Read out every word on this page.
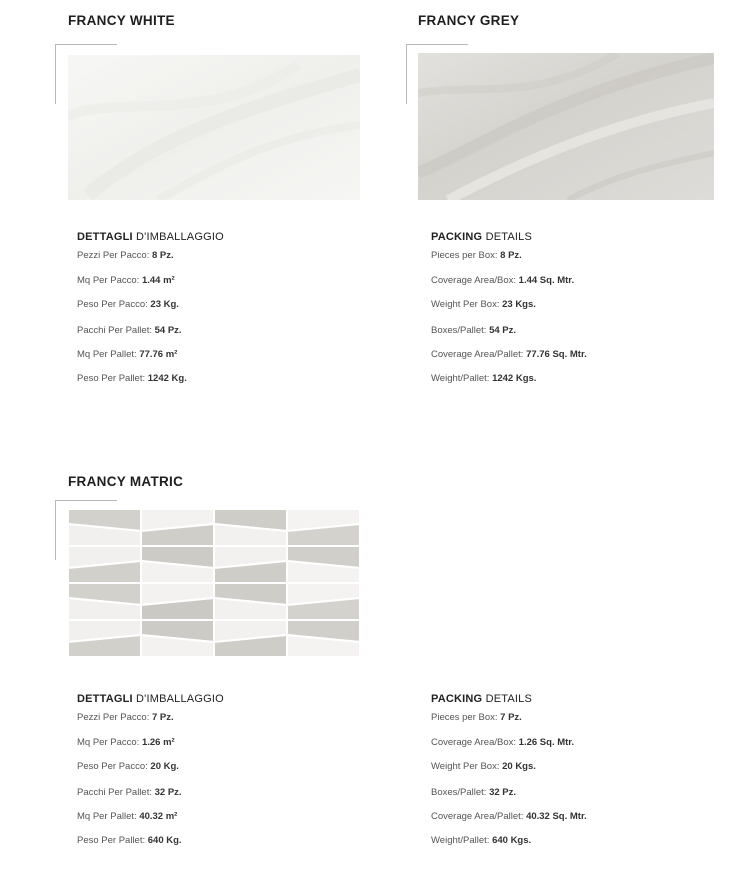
FRANCY WHITE
DETTAGLI D'IMBALLAGGIO
Pezzi Per Pacco: 8 Pz.
Mq Per Pacco: 1.44 m²
Peso Per Pacco: 23 Kg.
Pacchi Per Pallet: 54 Pz.
Mq Per Pallet: 77.76 m²
Peso Per Pallet: 1242 Kg.
FRANCY GREY
PACKING DETAILS
Pieces per Box: 8 Pz.
Coverage Area/Box: 1.44 Sq. Mtr.
Weight Per Box: 23 Kgs.
Boxes/Pallet: 54 Pz.
Coverage Area/Pallet: 77.76 Sq. Mtr.
Weight/Pallet: 1242 Kgs.
FRANCY MATRIC
DETTAGLI D'IMBALLAGGIO
Pezzi Per Pacco: 7 Pz.
Mq Per Pacco: 1.26 m²
Peso Per Pacco: 20 Kg.
Pacchi Per Pallet: 32 Pz.
Mq Per Pallet: 40.32 m²
Peso Per Pallet: 640 Kg.
PACKING DETAILS
Pieces per Box: 7 Pz.
Coverage Area/Box: 1.26 Sq. Mtr.
Weight Per Box: 20 Kgs.
Boxes/Pallet: 32 Pz.
Coverage Area/Pallet: 40.32 Sq. Mtr.
Weight/Pallet: 640 Kgs.
